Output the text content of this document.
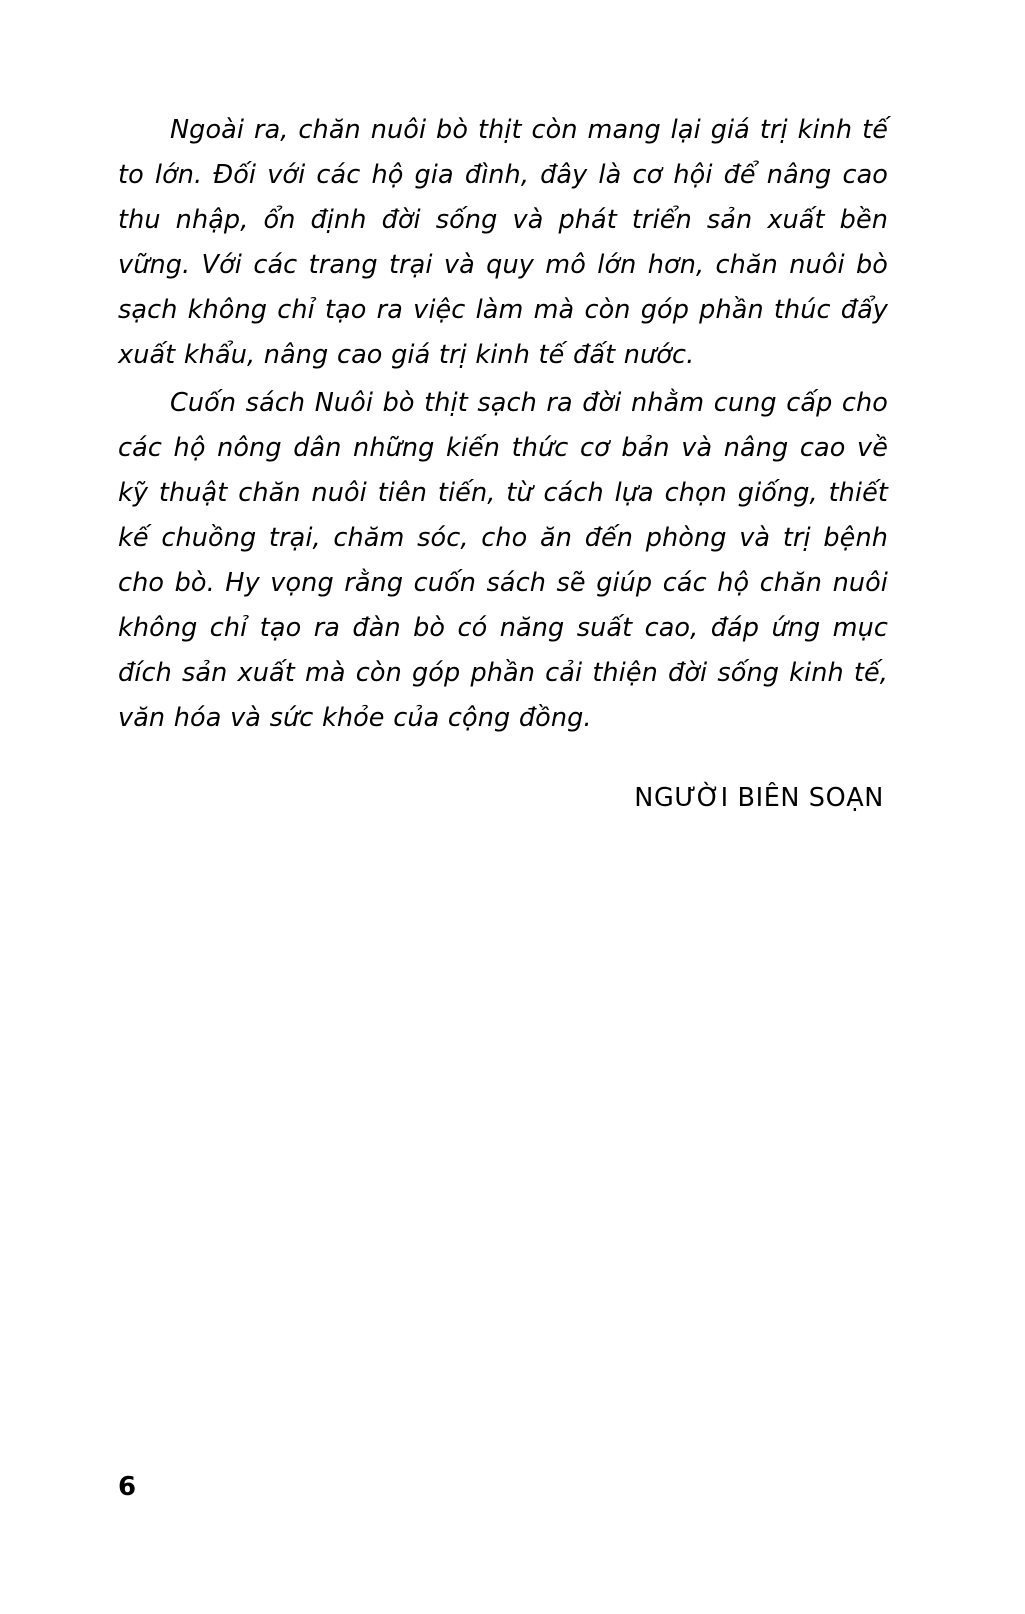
Ngoài ra, chăn nuôi bò thịt còn mang lại giá trị kinh tế to lớn. Đối với các hộ gia đình, đây là cơ hội để nâng cao thu nhập, ổn định đời sống và phát triển sản xuất bền vững. Với các trang trại và quy mô lớn hơn, chăn nuôi bò sạch không chỉ tạo ra việc làm mà còn góp phần thúc đẩy xuất khẩu, nâng cao giá trị kinh tế đất nước.

Cuốn sách Nuôi bò thịt sạch ra đời nhằm cung cấp cho các hộ nông dân những kiến thức cơ bản và nâng cao về kỹ thuật chăn nuôi tiên tiến, từ cách lựa chọn giống, thiết kế chuồng trại, chăm sóc, cho ăn đến phòng và trị bệnh cho bò. Hy vọng rằng cuốn sách sẽ giúp các hộ chăn nuôi không chỉ tạo ra đàn bò có năng suất cao, đáp ứng mục đích sản xuất mà còn góp phần cải thiện đời sống kinh tế, văn hóa và sức khỏe của cộng đồng.

NGƯỜI BIÊN SOẠN
6
